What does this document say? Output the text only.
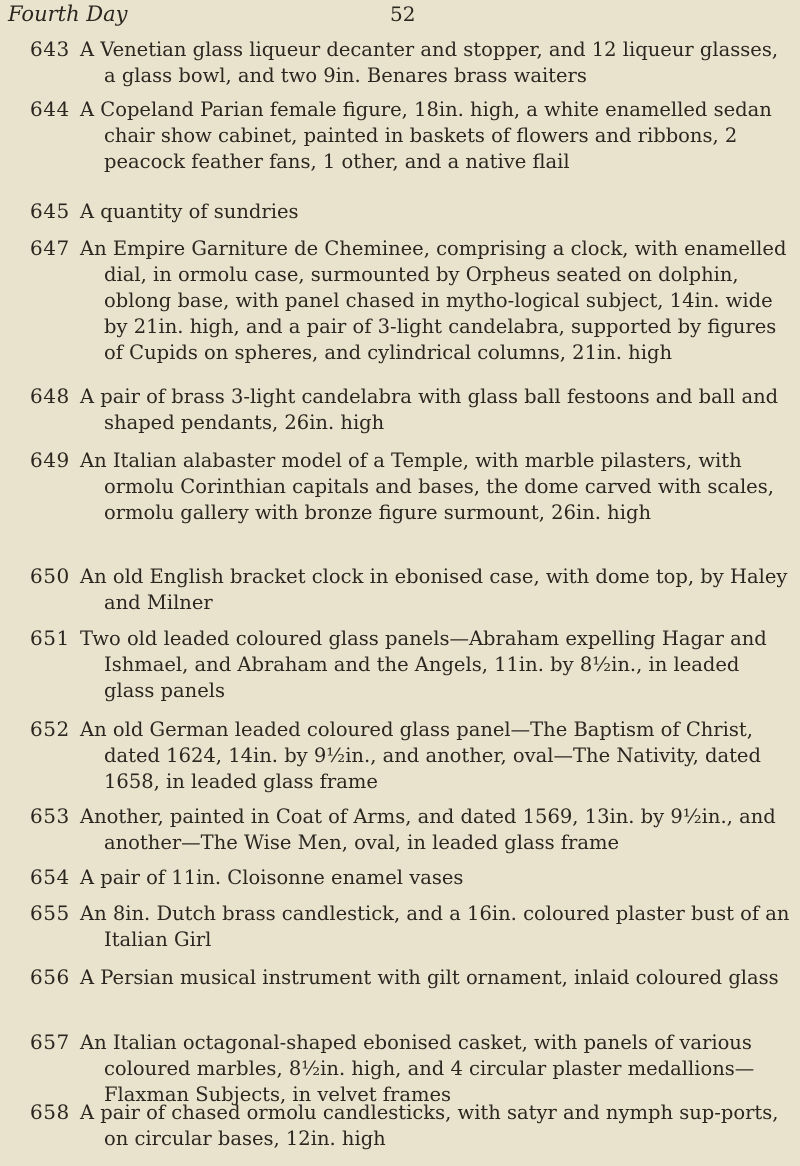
Fourth Day	52
643 A Venetian glass liqueur decanter and stopper, and 12 liqueur glasses, a glass bowl, and two 9in. Benares brass waiters
644 A Copeland Parian female figure, 18in. high, a white enamelled sedan chair show cabinet, painted in baskets of flowers and ribbons, 2 peacock feather fans, 1 other, and a native flail
645 A quantity of sundries
647 An Empire Garniture de Cheminee, comprising a clock, with enamelled dial, in ormolu case, surmounted by Orpheus seated on dolphin, oblong base, with panel chased in mytho-logical subject, 14in. wide by 21in. high, and a pair of 3-light candelabra, supported by figures of Cupids on spheres, and cylindrical columns, 21in. high
648 A pair of brass 3-light candelabra with glass ball festoons and ball and shaped pendants, 26in. high
649 An Italian alabaster model of a Temple, with marble pilasters, with ormolu Corinthian capitals and bases, the dome carved with scales, ormolu gallery with bronze figure surmount, 26in. high
650 An old English bracket clock in ebonised case, with dome top, by Haley and Milner
651 Two old leaded coloured glass panels—Abraham expelling Hagar and Ishmael, and Abraham and the Angels, 11in. by 8½in., in leaded glass panels
652 An old German leaded coloured glass panel—The Baptism of Christ, dated 1624, 14in. by 9½in., and another, oval—The Nativity, dated 1658, in leaded glass frame
653 Another, painted in Coat of Arms, and dated 1569, 13in. by 9½in., and another—The Wise Men, oval, in leaded glass frame
654 A pair of 11in. Cloisonne enamel vases
655 An 8in. Dutch brass candlestick, and a 16in. coloured plaster bust of an Italian Girl
656 A Persian musical instrument with gilt ornament, inlaid coloured glass
657 An Italian octagonal-shaped ebonised casket, with panels of various coloured marbles, 8½in. high, and 4 circular plaster medallions—Flaxman Subjects, in velvet frames
658 A pair of chased ormolu candlesticks, with satyr and nymph sup-ports, on circular bases, 12in. high
